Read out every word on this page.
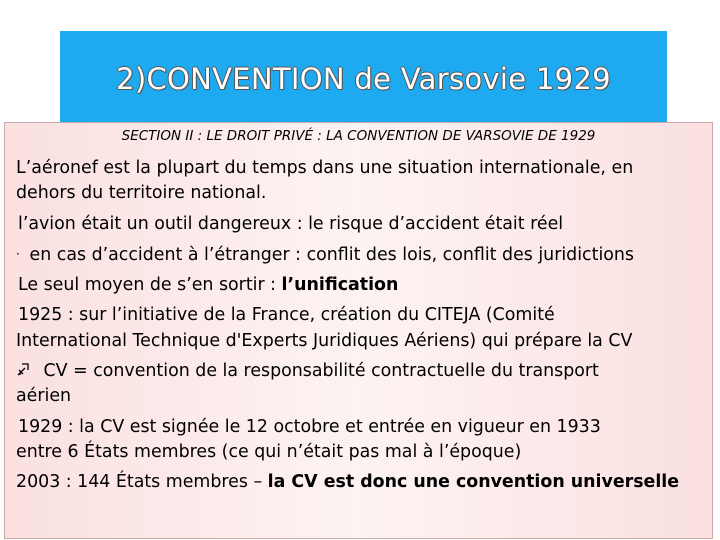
2)CONVENTION de Varsovie 1929
SECTION II : LE DROIT PRIVÉ : LA CONVENTION DE VARSOVIE DE 1929
L’aéronef est la plupart du temps dans une situation internationale, en
dehors du territoire national.
l’avion était un outil dangereux : le risque d’accident était réel
· en cas d’accident à l’étranger : conflit des lois, conflit des juridictions
Le seul moyen de s’en sortir : l’unification
1925 : sur l’initiative de la France, création du CITEJA (Comité
International Technique d'Experts Juridiques Aériens) qui prépare la CV
CV = convention de la responsabilité contractuelle du transport
aérien
1929 : la CV est signée le 12 octobre et entrée en vigueur en 1933
entre 6 États membres (ce qui n’était pas mal à l’époque)
2003 : 144 États membres – la CV est donc une convention universelle
